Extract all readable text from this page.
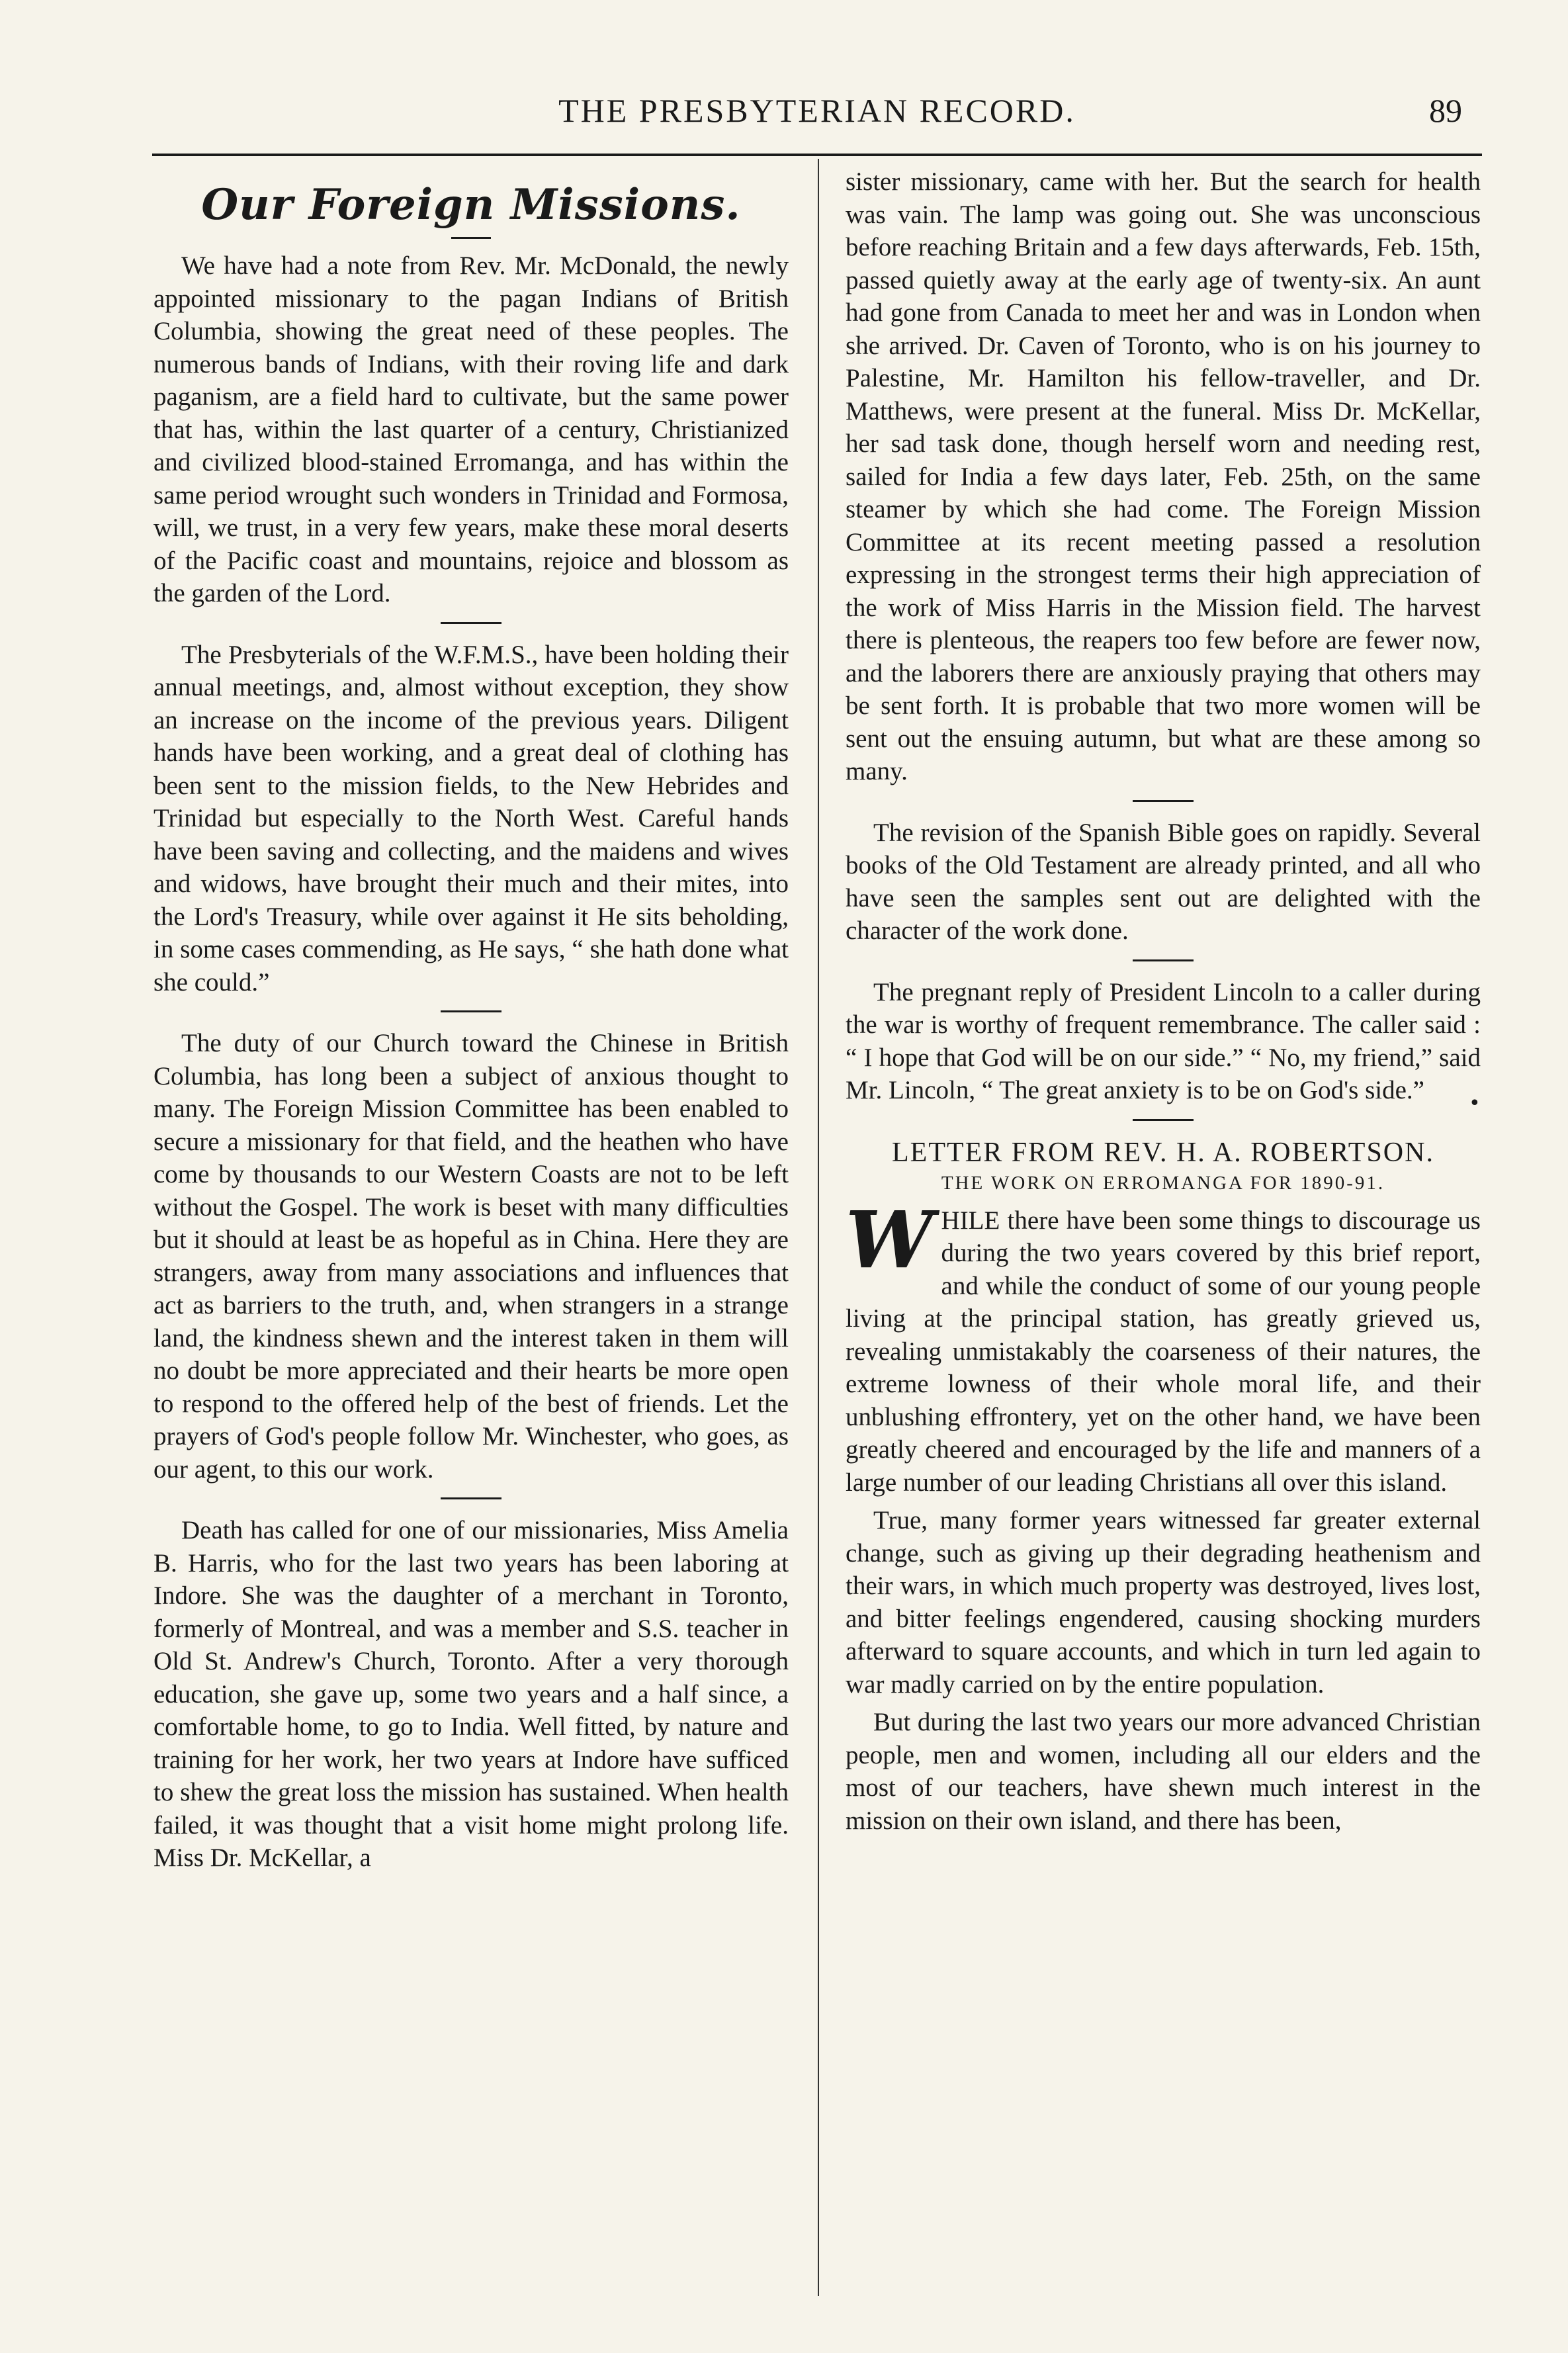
THE PRESBYTERIAN RECORD.	89
Our Foreign Missions.

We have had a note from Rev. Mr. McDonald, the newly appointed missionary to the pagan Indians of British Columbia, showing the great need of these peoples. The numerous bands of Indians, with their roving life and dark paganism, are a field hard to cultivate, but the same power that has, within the last quarter of a century, Christianized and civilized blood-stained Erromanga, and has within the same period wrought such wonders in Trinidad and Formosa, will, we trust, in a very few years, make these moral deserts of the Pacific coast and mountains, rejoice and blossom as the garden of the Lord.

The Presbyterials of the W.F.M.S., have been holding their annual meetings, and, almost without exception, they show an increase on the income of the previous years. Diligent hands have been working, and a great deal of clothing has been sent to the mission fields, to the New Hebrides and Trinidad but especially to the North West. Careful hands have been saving and collecting, and the maidens and wives and widows, have brought their much and their mites, into the Lord's Treasury, while over against it He sits beholding, in some cases commending, as He says, “ she hath done what she could.”

The duty of our Church toward the Chinese in British Columbia, has long been a subject of anxious thought to many. The Foreign Mission Committee has been enabled to secure a missionary for that field, and the heathen who have come by thousands to our Western Coasts are not to be left without the Gospel. The work is beset with many difficulties but it should at least be as hopeful as in China. Here they are strangers, away from many associations and influences that act as barriers to the truth, and, when strangers in a strange land, the kindness shewn and the interest taken in them will no doubt be more appreciated and their hearts be more open to respond to the offered help of the best of friends. Let the prayers of God's people follow Mr. Winchester, who goes, as our agent, to this our work.

Death has called for one of our missionaries, Miss Amelia B. Harris, who for the last two years has been laboring at Indore. She was the daughter of a merchant in Toronto, formerly of Montreal, and was a member and S.S. teacher in Old St. Andrew's Church, Toronto. After a very thorough education, she gave up, some two years and a half since, a comfortable home, to go to India. Well fitted, by nature and training for her work, her two years at Indore have sufficed to shew the great loss the mission has sustained. When health failed, it was thought that a visit home might prolong life. Miss Dr. McKellar, a

sister missionary, came with her. But the search for health was vain. The lamp was going out. She was unconscious before reaching Britain and a few days afterwards, Feb. 15th, passed quietly away at the early age of twenty-six. An aunt had gone from Canada to meet her and was in London when she arrived. Dr. Caven of Toronto, who is on his journey to Palestine, Mr. Hamilton his fellow-traveller, and Dr. Matthews, were present at the funeral. Miss Dr. McKellar, her sad task done, though herself worn and needing rest, sailed for India a few days later, Feb. 25th, on the same steamer by which she had come. The Foreign Mission Committee at its recent meeting passed a resolution expressing in the strongest terms their high appreciation of the work of Miss Harris in the Mission field. The harvest there is plenteous, the reapers too few before are fewer now, and the laborers there are anxiously praying that others may be sent forth. It is probable that two more women will be sent out the ensuing autumn, but what are these among so many.

The revision of the Spanish Bible goes on rapidly. Several books of the Old Testament are already printed, and all who have seen the samples sent out are delighted with the character of the work done.

The pregnant reply of President Lincoln to a caller during the war is worthy of frequent remembrance. The caller said : “ I hope that God will be on our side.” “ No, my friend,” said Mr. Lincoln, “ The great anxiety is to be on God's side.”

LETTER FROM REV. H. A. ROBERTSON.
THE WORK ON ERROMANGA FOR 1890-91.

WHILE there have been some things to discourage us during the two years covered by this brief report, and while the conduct of some of our young people living at the principal station, has greatly grieved us, revealing unmistakably the coarseness of their natures, the extreme lowness of their whole moral life, and their unblushing effrontery, yet on the other hand, we have been greatly cheered and encouraged by the life and manners of a large number of our leading Christians all over this island.

True, many former years witnessed far greater external change, such as giving up their degrading heathenism and their wars, in which much property was destroyed, lives lost, and bitter feelings engendered, causing shocking murders afterward to square accounts, and which in turn led again to war madly carried on by the entire population.

But during the last two years our more advanced Christian people, men and women, including all our elders and the most of our teachers, have shewn much interest in the mission on their own island, and there has been,

•
